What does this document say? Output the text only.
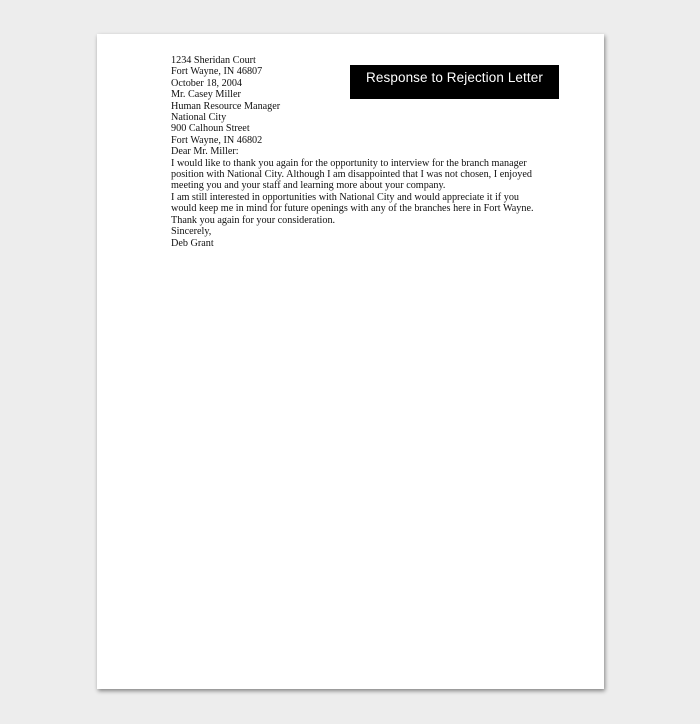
Response to Rejection Letter

1234 Sheridan Court
Fort Wayne, IN 46807
October 18, 2004

Mr. Casey Miller
Human Resource Manager
National City
900 Calhoun Street
Fort Wayne, IN 46802

Dear Mr. Miller:

I would like to thank you again for the opportunity to interview for the branch manager
position with National City. Although I am disappointed that I was not chosen, I enjoyed
meeting you and your staff and learning more about your company.

I am still interested in opportunities with National City and would appreciate it if you
would keep me in mind for future openings with any of the branches here in Fort Wayne.

Thank you again for your consideration.

Sincerely,

Deb Grant
